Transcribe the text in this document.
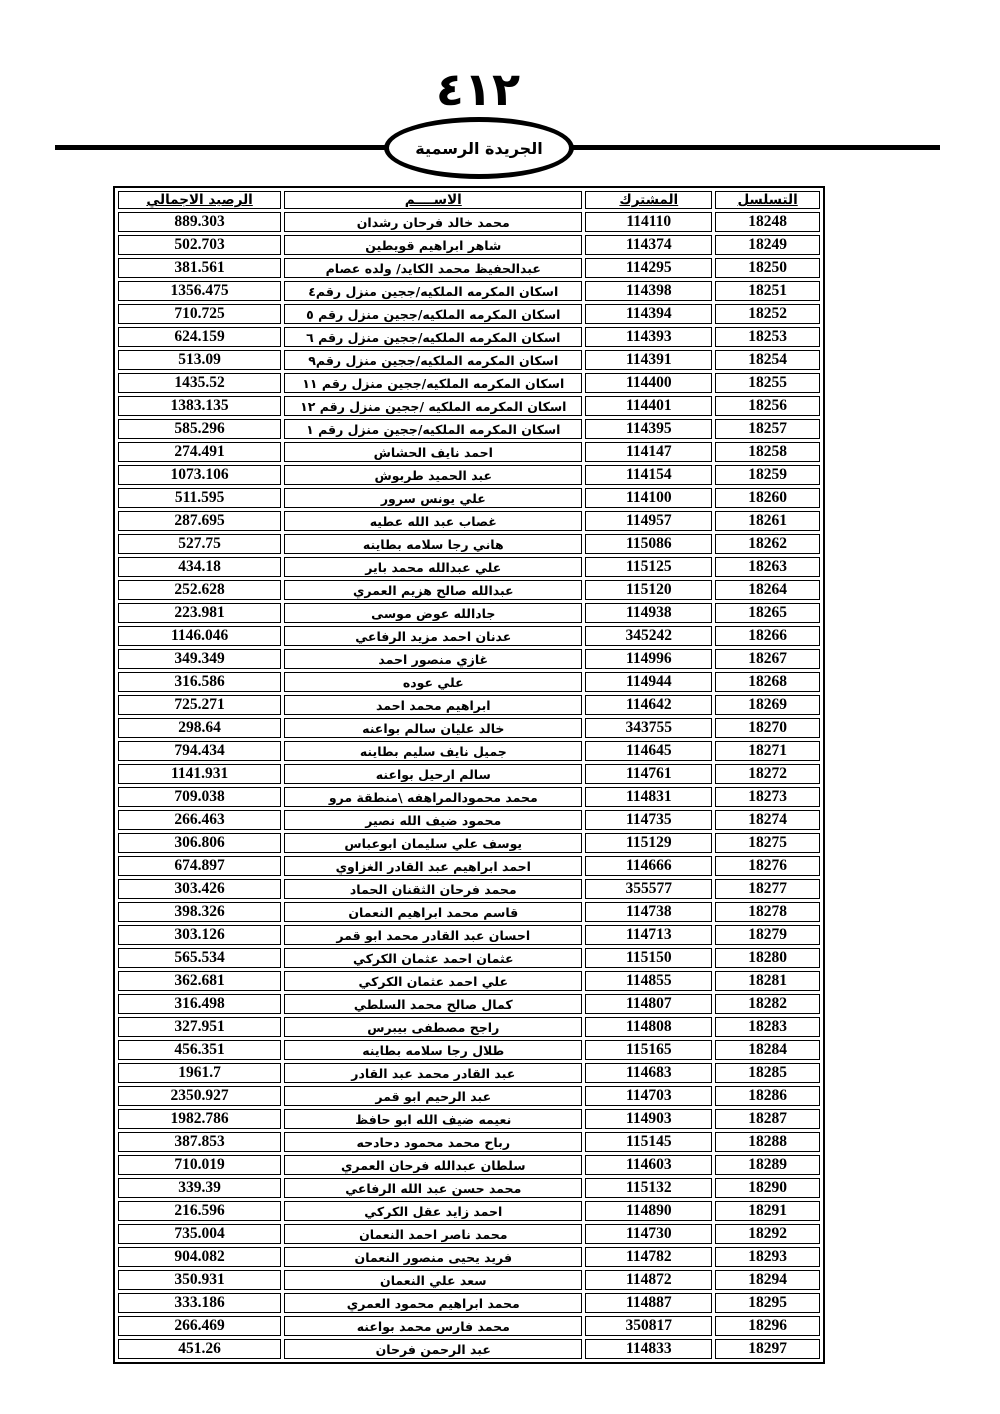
٤١٢
الجريدة الرسمية
التسلسل	المشترك	الاســــم	الرصيد الاجمالي
18248	114110	محمد خالد فرحان رشدان	889.303
18249	114374	شاهر ابراهيم قويطين	502.703
18250	114295	عبدالحفيظ محمد الكايد/ ولده عصام	381.561
18251	114398	اسكان المكرمه الملكيه/ججين منزل رقم٤	1356.475
18252	114394	اسكان المكرمه الملكيه/ججين منزل رقم ٥	710.725
18253	114393	اسكان المكرمه الملكيه/ججين منزل رقم ٦	624.159
18254	114391	اسكان المكرمه الملكيه/ججين منزل رقم٩	513.09
18255	114400	اسكان المكرمه الملكيه/ججين منزل رقم ١١	1435.52
18256	114401	اسكان المكرمه الملكيه /ججين منزل رقم ١٢	1383.135
18257	114395	اسكان المكرمه الملكيه/ججين منزل رقم ١	585.296
18258	114147	احمد نايف الحشاش	274.491
18259	114154	عبد الحميد طربوش	1073.106
18260	114100	علي يونس سرور	511.595
18261	114957	غصاب عبد الله عطيه	287.695
18262	115086	هاني رجا سلامه بطاينه	527.75
18263	115125	علي عبدالله محمد باير	434.18
18264	115120	عبدالله صالح هزيم العمري	252.628
18265	114938	جادالله عوض موسى	223.981
18266	345242	عدنان احمد مزيد الرفاعي	1146.046
18267	114996	غازي منصور احمد	349.349
18268	114944	علي عوده	316.586
18269	114642	ابراهيم محمد احمد	725.271
18270	343755	خالد عليان سالم بواعنه	298.64
18271	114645	جميل نايف سليم بطاينه	794.434
18272	114761	سالم ارحيل بواعنه	1141.931
18273	114831	محمد محمودالمراهفه \منطقة مرو	709.038
18274	114735	محمود ضيف الله نصير	266.463
18275	115129	يوسف علي سليمان ابوعباس	306.806
18276	114666	احمد ابراهيم عبد القادر الغزاوي	674.897
18277	355577	محمد فرحان الثقنان الحماد	303.426
18278	114738	قاسم محمد ابراهيم النعمان	398.326
18279	114713	احسان عبد القادر محمد ابو قمر	303.126
18280	115150	عثمان احمد عثمان الكركي	565.534
18281	114855	علي احمد عثمان الكركي	362.681
18282	114807	كمال صالح محمد السلطي	316.498
18283	114808	راجح مصطفى بيبرس	327.951
18284	115165	طلال رجا سلامه بطاينه	456.351
18285	114683	عبد القادر محمد عبد القادر	1961.7
18286	114703	عبد الرحيم ابو قمر	2350.927
18287	114903	نعيمه ضيف الله ابو حافظ	1982.786
18288	115145	رباح محمد محمود دحادحه	387.853
18289	114603	سلطان عبدالله فرحان العمري	710.019
18290	115132	محمد حسن عبد الله الرفاعي	339.39
18291	114890	احمد زايد عقل الكركي	216.596
18292	114730	محمد ناصر احمد النعمان	735.004
18293	114782	فريد يحيى منصور النعمان	904.082
18294	114872	سعد علي النعمان	350.931
18295	114887	محمد ابراهيم محمود العمري	333.186
18296	350817	محمد فارس محمد بواعنه	266.469
18297	114833	عبد الرحمن فرحان	451.26
